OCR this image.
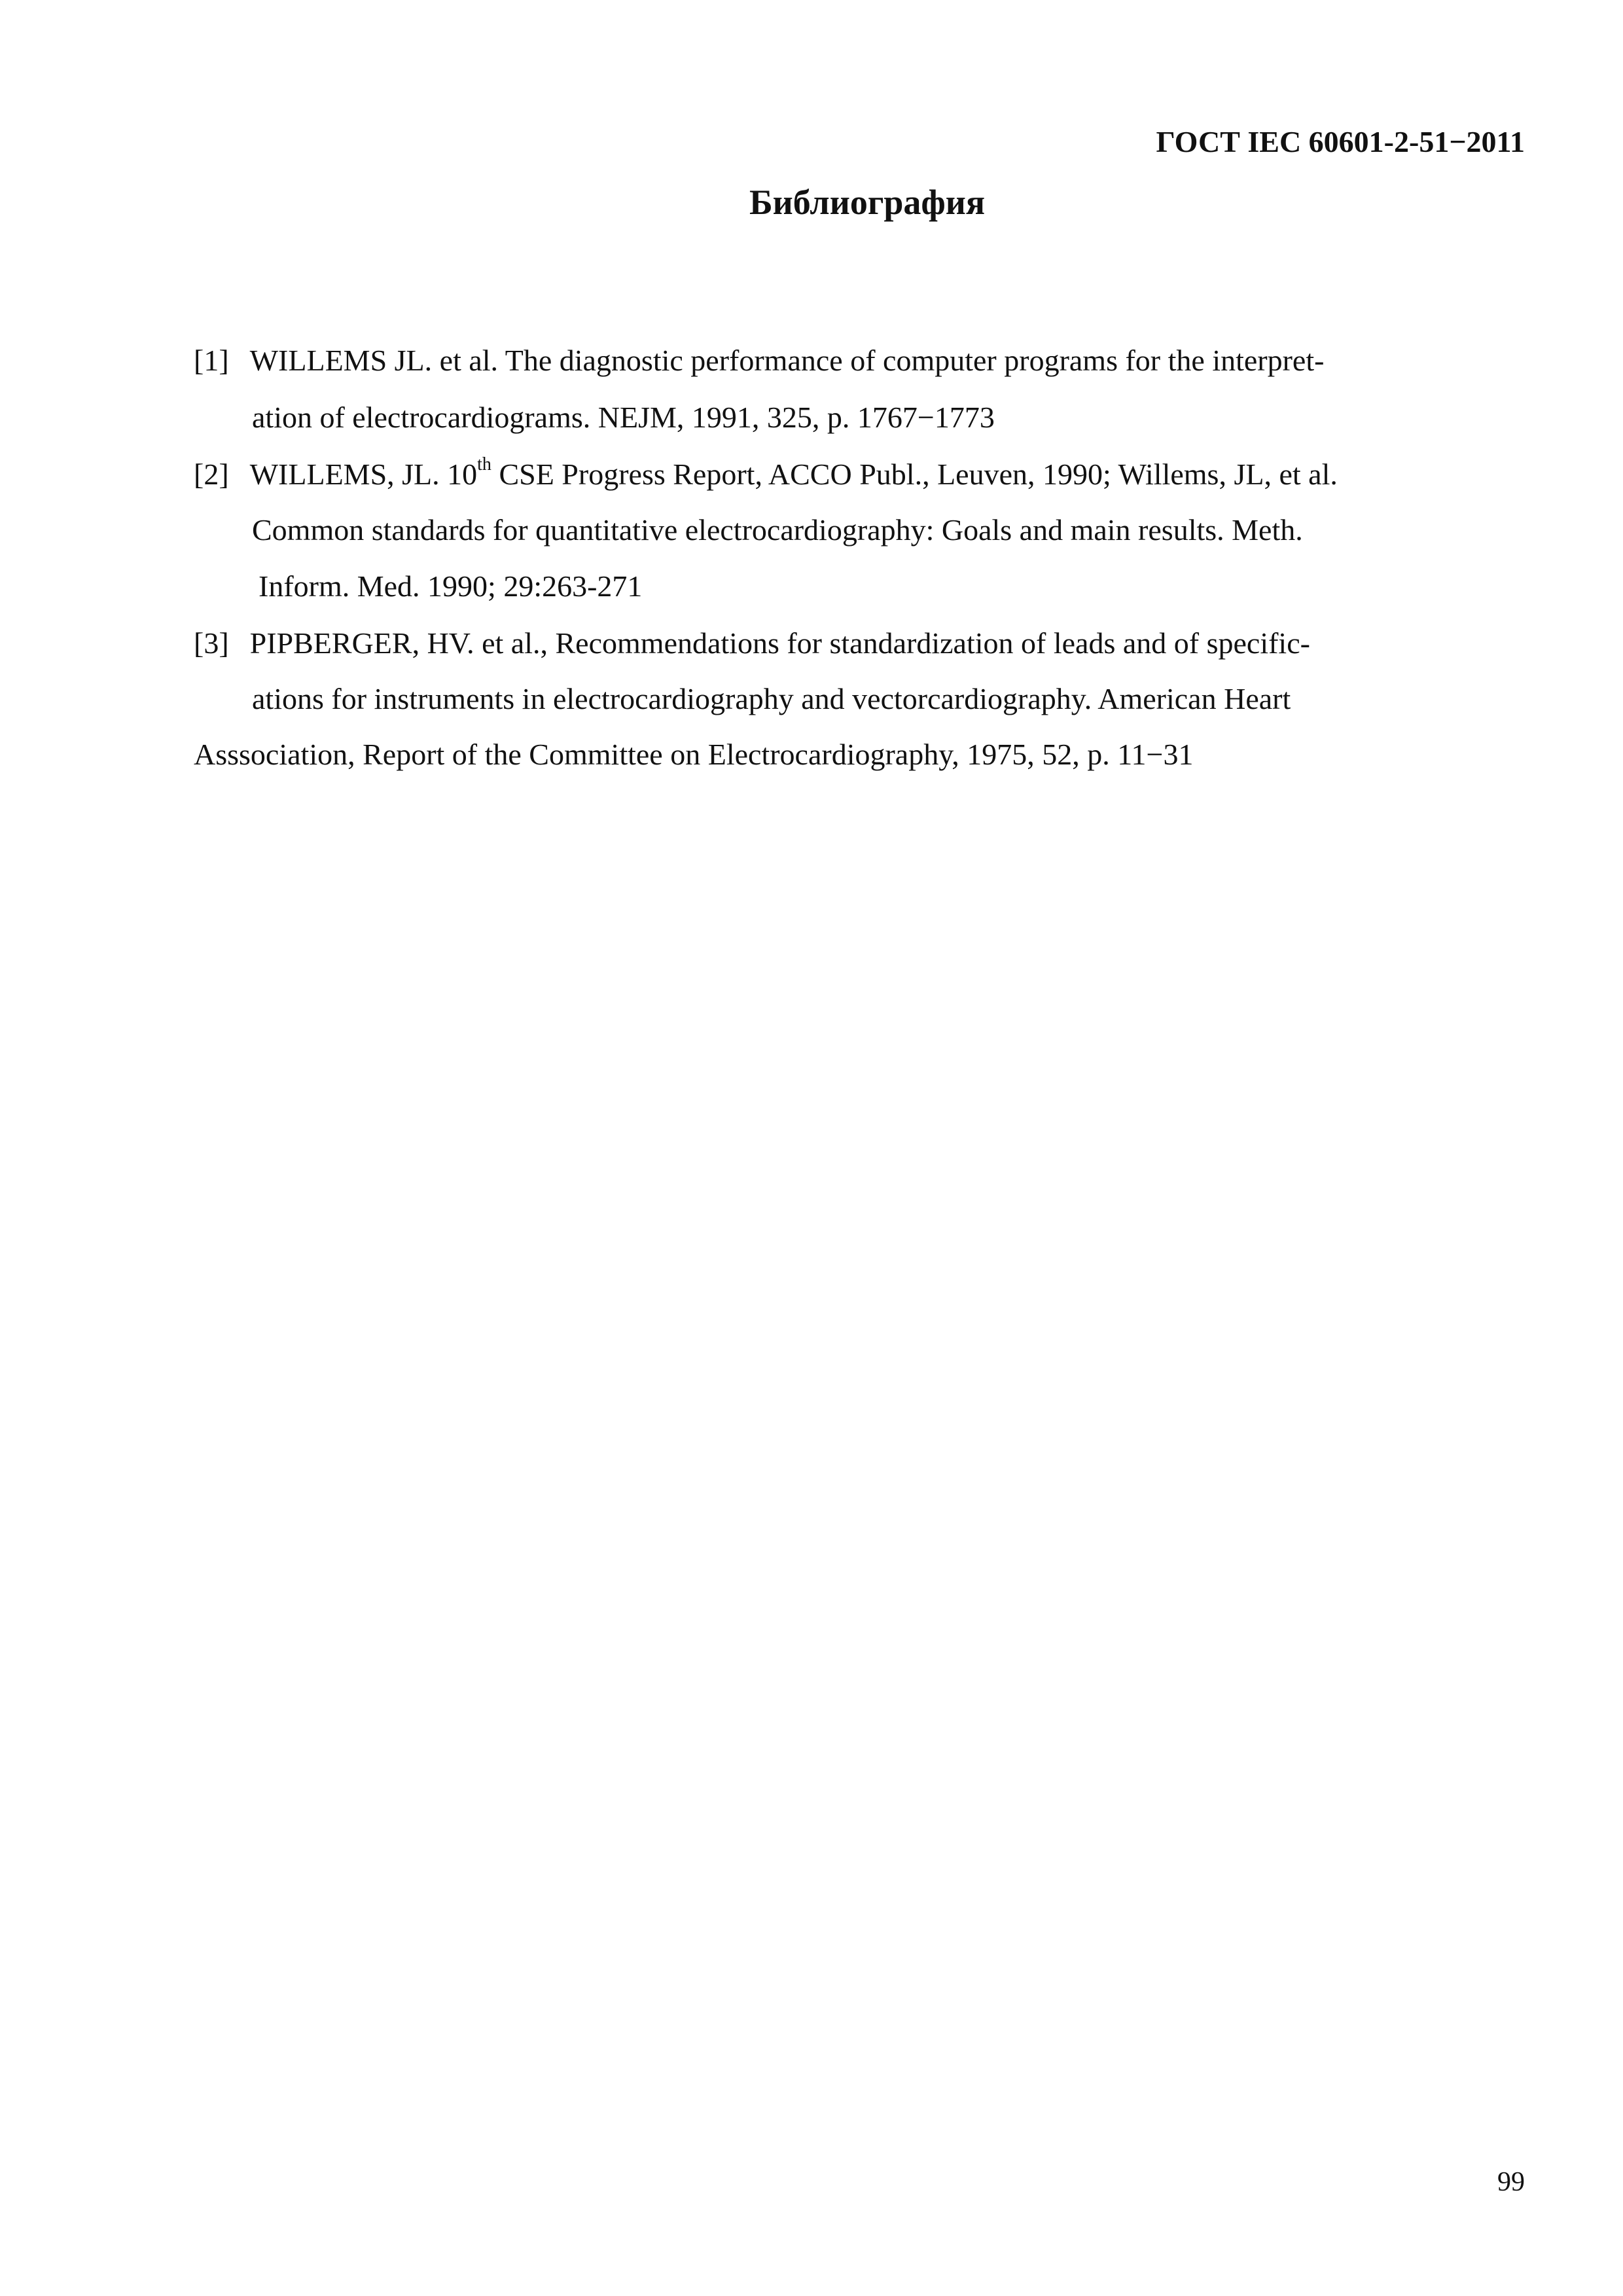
ГОСТ IEC 60601-2-51−2011
Библиография
[1] WILLEMS JL. et al. The diagnostic performance of computer programs for the interpret-
ation of electrocardiograms. NEJM, 1991, 325, p. 1767−1773
[2] WILLEMS, JL. 10th CSE Progress Report, ACCO Publ., Leuven, 1990; Willems, JL, et al.
Common standards for quantitative electrocardiography: Goals and main results. Meth.
Inform. Med. 1990; 29:263-271
[3] PIPBERGER, HV. et al., Recommendations for standardization of leads and of specific-
ations for instruments in electrocardiography and vectorcardiography. American Heart
Asssociation, Report of the Committee on Electrocardiography, 1975, 52, p. 11−31
99
